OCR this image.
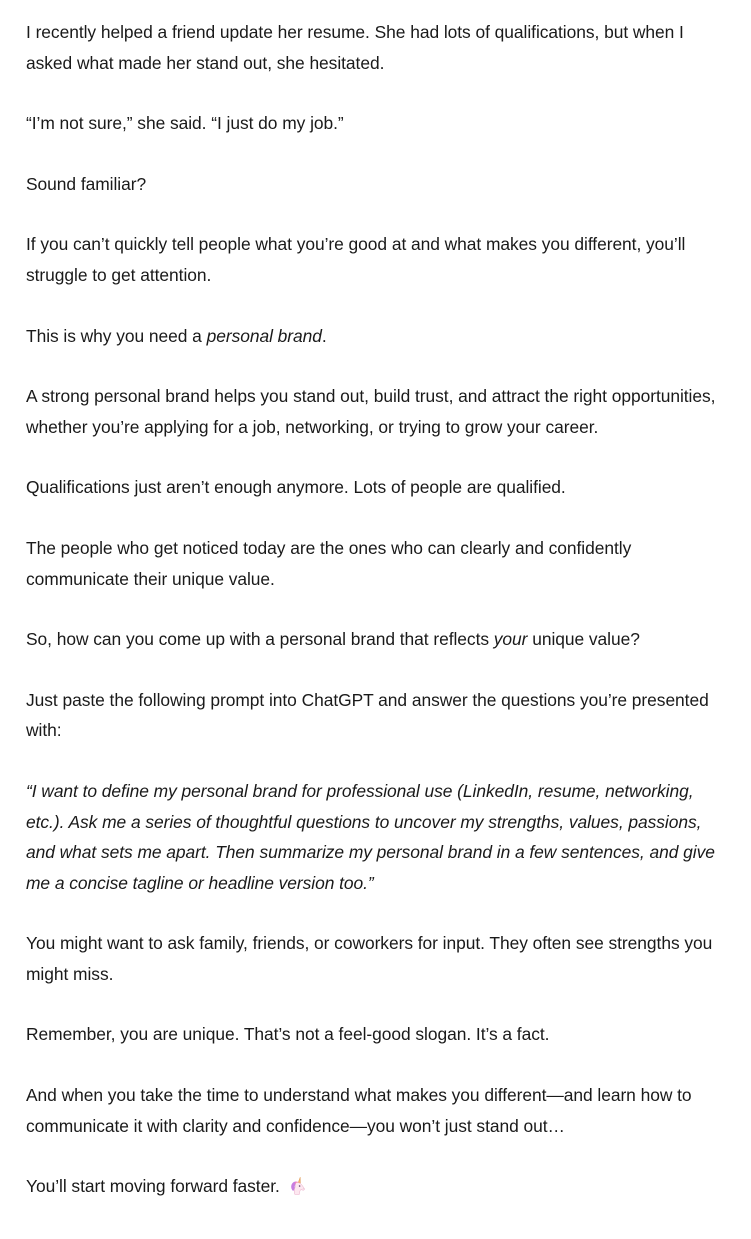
I recently helped a friend update her resume. She had lots of qualifications, but when I asked what made her stand out, she hesitated.

“I’m not sure,” she said. “I just do my job.”

Sound familiar?

If you can’t quickly tell people what you’re good at and what makes you different, you’ll struggle to get attention.

This is why you need a personal brand.

A strong personal brand helps you stand out, build trust, and attract the right opportunities, whether you’re applying for a job, networking, or trying to grow your career.

Qualifications just aren’t enough anymore. Lots of people are qualified.

The people who get noticed today are the ones who can clearly and confidently communicate their unique value.

So, how can you come up with a personal brand that reflects your unique value?

Just paste the following prompt into ChatGPT and answer the questions you’re presented with:

“I want to define my personal brand for professional use (LinkedIn, resume, networking, etc.). Ask me a series of thoughtful questions to uncover my strengths, values, passions, and what sets me apart. Then summarize my personal brand in a few sentences, and give me a concise tagline or headline version too.”

You might want to ask family, friends, or coworkers for input. They often see strengths you might miss.

Remember, you are unique. That’s not a feel-good slogan. It’s a fact.

And when you take the time to understand what makes you different—and learn how to communicate it with clarity and confidence—you won’t just stand out…

You’ll start moving forward faster.
